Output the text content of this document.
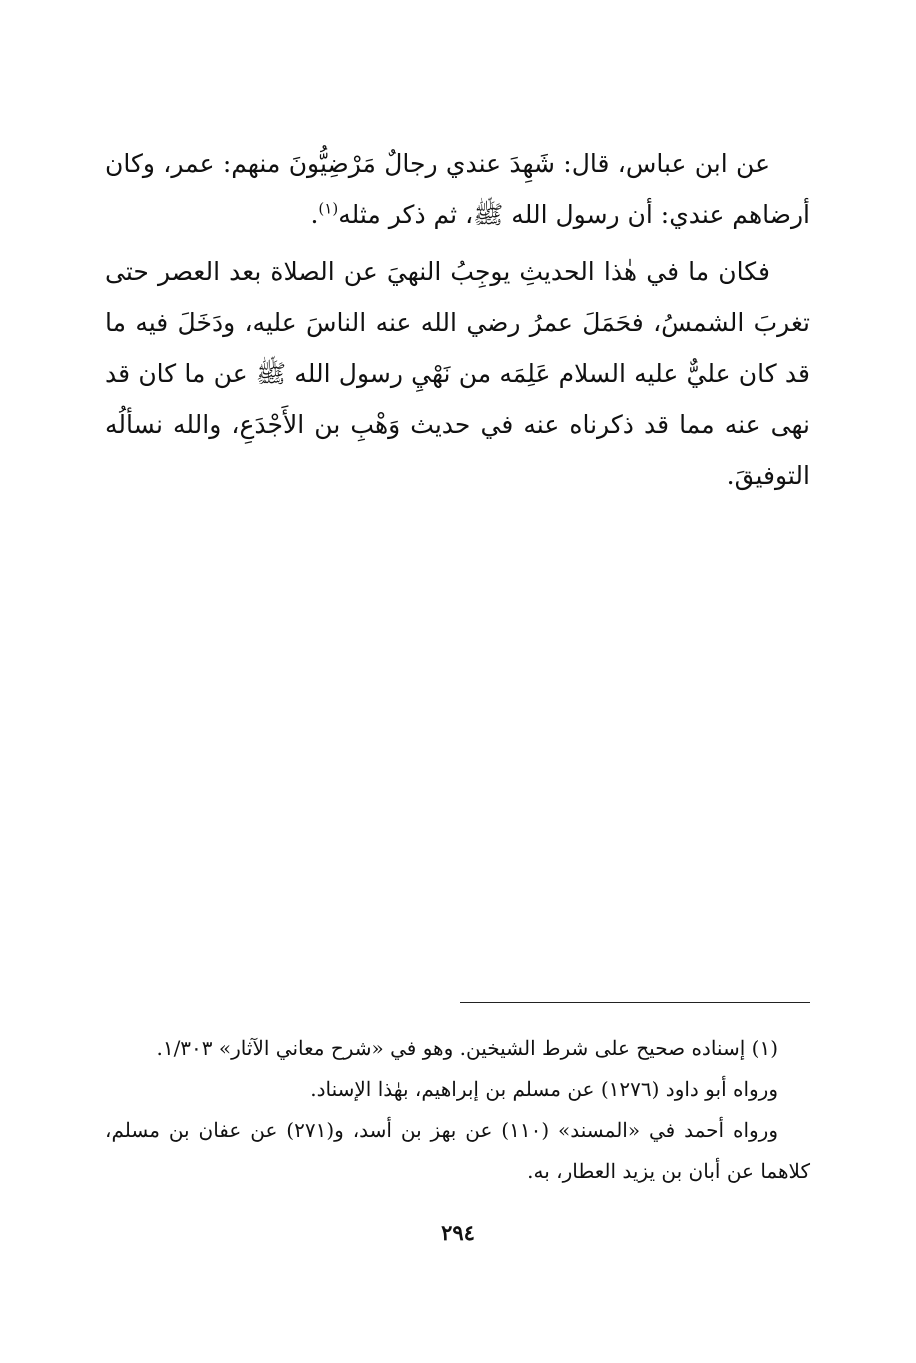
عن ابن عباس، قال: شَهِدَ عندي رجالٌ مَرْضِيُّونَ منهم: عمر، وكان أرضاهم عندي: أن رسول الله ﷺ، ثم ذكر مثله$^{(١)}$.

فكان ما في هٰذا الحديثِ يوجِبُ النهيَ عن الصلاة بعد العصر حتى تغربَ الشمسُ، فحَمَلَ عمرُ رضي الله عنه الناسَ عليه، ودَخَلَ فيه ما قد كان عليٌّ عليه السلام عَلِمَه من نَهْيِ رسول الله ﷺ عن ما كان قد نهى عنه مما قد ذكرناه عنه في حديث وَهْبِ بن الأَجْدَعِ، والله نسألُه التوفيقَ.

(١) إسناده صحيح على شرط الشيخين. وهو في «شرح معاني الآثار» ١/٣٠٣.

ورواه أبو داود (١٢٧٦) عن مسلم بن إبراهيم، بهٰذا الإسناد.

ورواه أحمد في «المسند» (١١٠) عن بهز بن أسد، و(٢٧١) عن عفان بن مسلم، كلاهما عن أبان بن يزيد العطار، به.

٢٩٤
